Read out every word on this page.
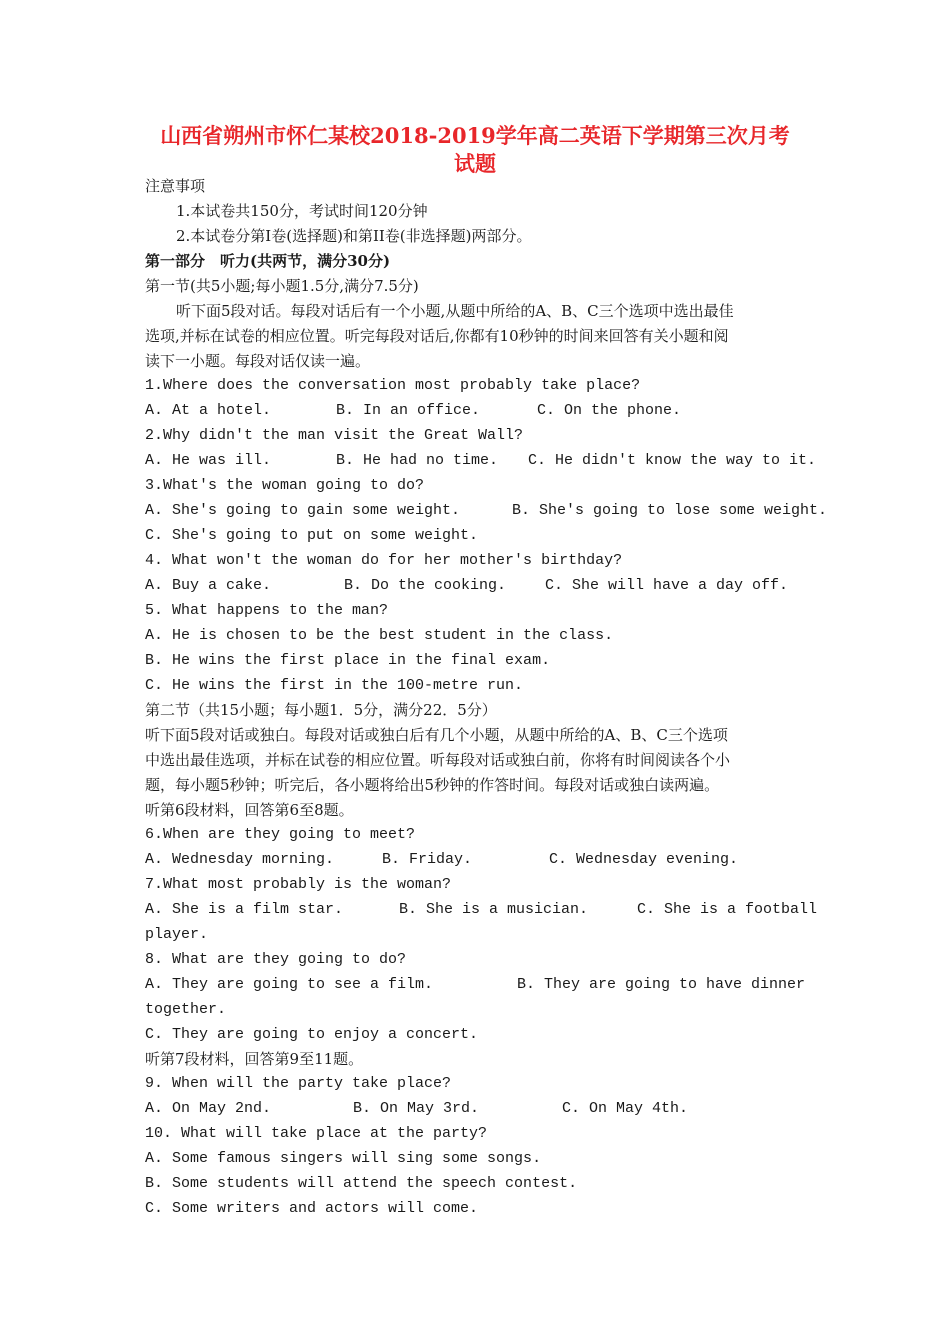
山西省朔州市怀仁某校2018-2019学年高二英语下学期第三次月考
试题
注意事项
1.本试卷共150分，考试时间120分钟
2.本试卷分第I卷(选择题)和第II卷(非选择题)两部分。
第一部分　听力(共两节，满分30分)
第一节(共5小题;每小题1.5分,满分7.5分)
听下面5段对话。每段对话后有一个小题,从题中所给的A、B、C三个选项中选出最佳
选项,并标在试卷的相应位置。听完每段对话后,你都有10秒钟的时间来回答有关小题和阅
读下一小题。每段对话仅读一遍。
1.Where does the conversation most probably take place?
A. At a hotel.	B. In an office.	C. On the phone.
2.Why didn't the man visit the Great Wall?
A. He was ill.	B. He had no time. C. He didn't know the way to it.
3.What's the woman going to do?
A. She's going to gain some weight.	B. She's going to lose some weight.
C. She's going to put on some weight.
4. What won't the woman do for her mother's birthday?
A. Buy a cake.	B. Do the cooking.	C. She will have a day off.
5. What happens to the man?
A. He is chosen to be the best student in the class.
B. He wins the first place in the final exam.
C. He wins the first in the 100-metre run.
第二节（共15小题；每小题1．5分，满分22．5分）
听下面5段对话或独白。每段对话或独白后有几个小题，从题中所给的A、B、C三个选项
中选出最佳选项，并标在试卷的相应位置。听每段对话或独白前，你将有时间阅读各个小
题，每小题5秒钟；听完后，各小题将给出5秒钟的作答时间。每段对话或独白读两遍。
听第6段材料，回答第6至8题。
6.When are they going to meet?
A. Wednesday morning.	B. Friday.	C. Wednesday evening.
7.What most probably is the woman?
A. She is a film star.	B. She is a musician.	C. She is a football
player.
8. What are they going to do?
A. They are going to see a film.	B. They are going to have dinner
together.
C. They are going to enjoy a concert.
听第7段材料，回答第9至11题。
9. When will the party take place?
A. On May 2nd.	B. On May 3rd.	C. On May 4th.
10. What will take place at the party?
A. Some famous singers will sing some songs.
B. Some students will attend the speech contest.
C. Some writers and actors will come.
